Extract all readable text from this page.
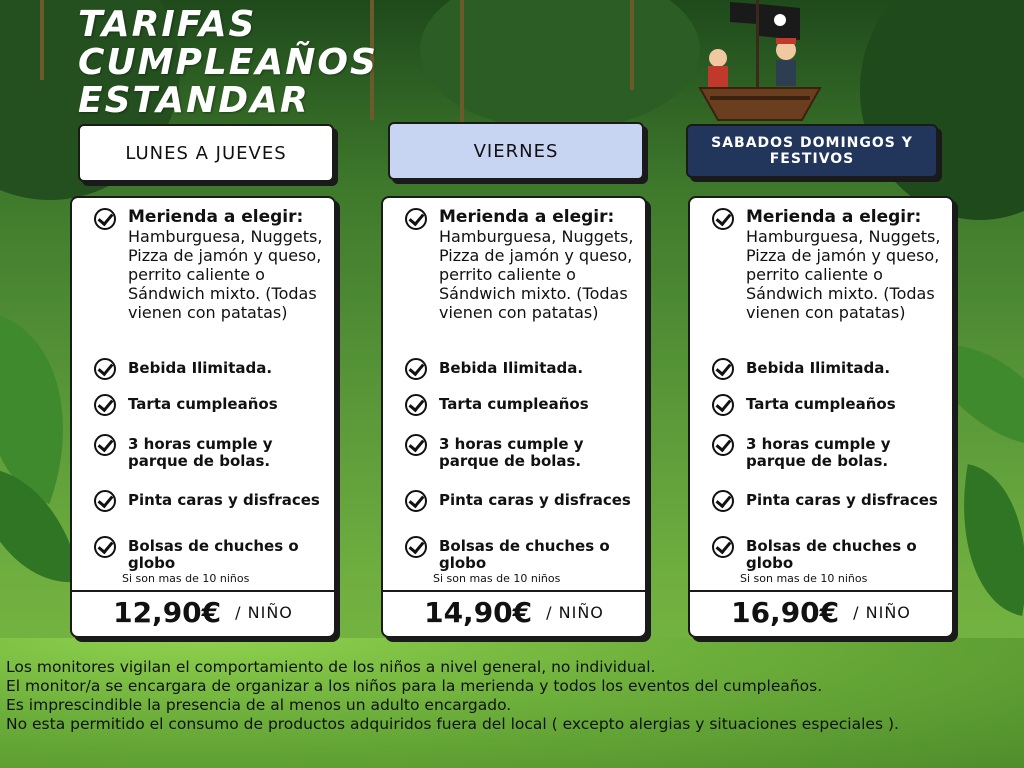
TARIFAS
CUMPLEAÑOS
ESTANDAR
LUNES A JUEVES	VIERNES	SABADOS DOMINGOS Y FESTIVOS
Merienda a elegir:
Hamburguesa, Nuggets, Pizza de jamón y queso, perrito caliente o Sándwich mixto. (Todas vienen con patatas)
Bebida Ilimitada.
Tarta cumpleaños
3 horas cumple y parque de bolas.
Pinta caras y disfraces
Bolsas de chuches o globo
Si son mas de 10 niños
12,90€ / NIÑO
Merienda a elegir:
Hamburguesa, Nuggets, Pizza de jamón y queso, perrito caliente o Sándwich mixto. (Todas vienen con patatas)
Bebida Ilimitada.
Tarta cumpleaños
3 horas cumple y parque de bolas.
Pinta caras y disfraces
Bolsas de chuches o globo
Si son mas de 10 niños
14,90€ / NIÑO
Merienda a elegir:
Hamburguesa, Nuggets, Pizza de jamón y queso, perrito caliente o Sándwich mixto. (Todas vienen con patatas)
Bebida Ilimitada.
Tarta cumpleaños
3 horas cumple y parque de bolas.
Pinta caras y disfraces
Bolsas de chuches o globo
Si son mas de 10 niños
16,90€ / NIÑO
Los monitores vigilan el comportamiento de los niños a nivel general, no individual.
El monitor/a se encargara de organizar a los niños para la merienda y todos los eventos del cumpleaños.
Es imprescindible la presencia de al menos un adulto encargado.
No esta permitido el consumo de productos adquiridos fuera del local ( excepto alergias y situaciones especiales ).
